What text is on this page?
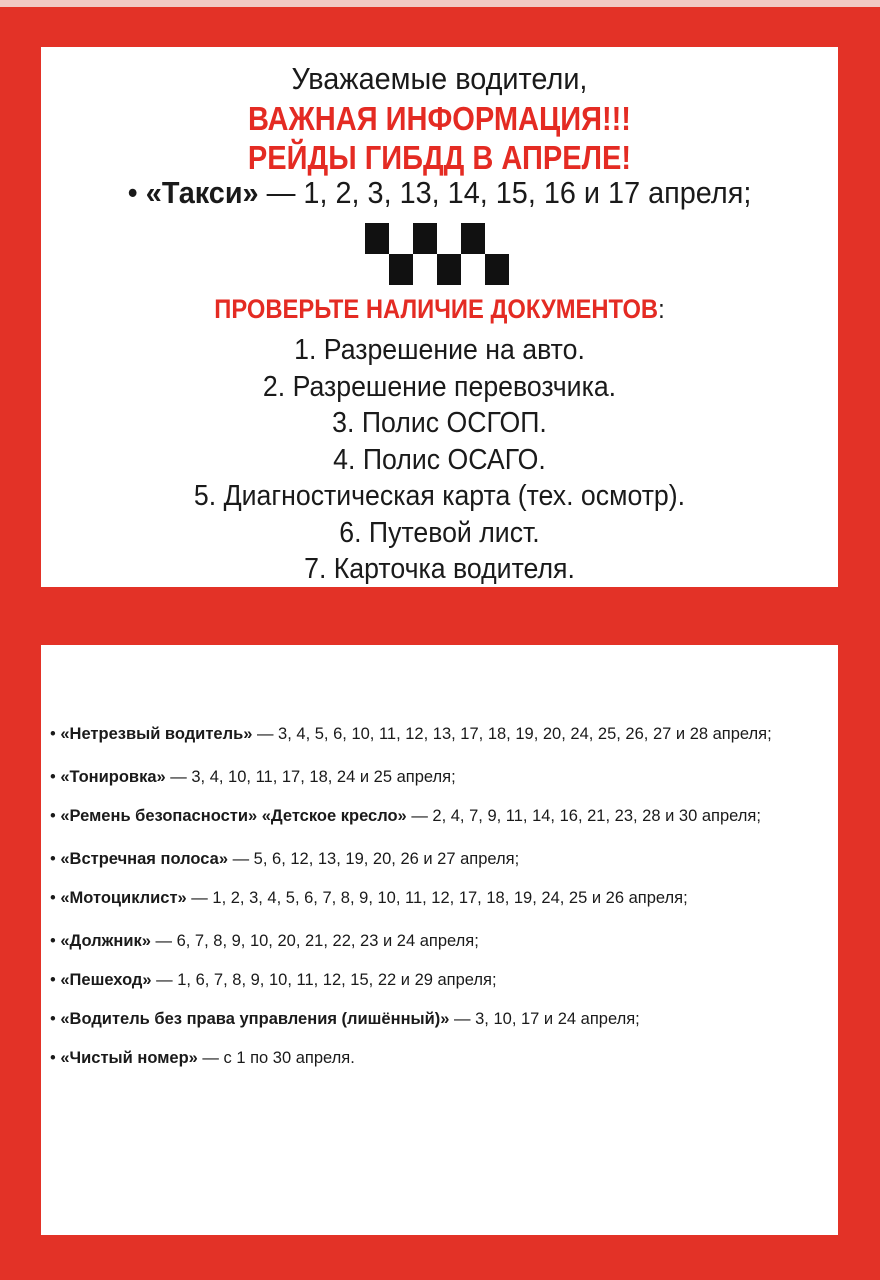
Уважаемые водители,
ВАЖНАЯ ИНФОРМАЦИЯ!!!
РЕЙДЫ ГИБДД В АПРЕЛЕ!
• «Такси» — 1, 2, 3, 13, 14, 15, 16 и 17 апреля;
ПРОВЕРЬТЕ НАЛИЧИЕ ДОКУМЕНТОВ:
1. Разрешение на авто.
2. Разрешение перевозчика.
3. Полис ОСГОП.
4. Полис ОСАГО.
5. Диагностическая карта (тех. осмотр).
6. Путевой лист.
7. Карточка водителя.
• «Нетрезвый водитель» — 3, 4, 5, 6, 10, 11, 12, 13, 17, 18, 19, 20, 24, 25, 26, 27 и 28 апреля;
• «Тонировка» — 3, 4, 10, 11, 17, 18, 24 и 25 апреля;
• «Ремень безопасности» «Детское кресло» — 2, 4, 7, 9, 11, 14, 16, 21, 23, 28 и 30 апреля;
• «Встречная полоса» — 5, 6, 12, 13, 19, 20, 26 и 27 апреля;
• «Мотоциклист» — 1, 2, 3, 4, 5, 6, 7, 8, 9, 10, 11, 12, 17, 18, 19, 24, 25 и 26 апреля;
• «Должник» — 6, 7, 8, 9, 10, 20, 21, 22, 23 и 24 апреля;
• «Пешеход» — 1, 6, 7, 8, 9, 10, 11, 12, 15, 22 и 29 апреля;
• «Водитель без права управления (лишённый)» — 3, 10, 17 и 24 апреля;
• «Чистый номер» — с 1 по 30 апреля.
